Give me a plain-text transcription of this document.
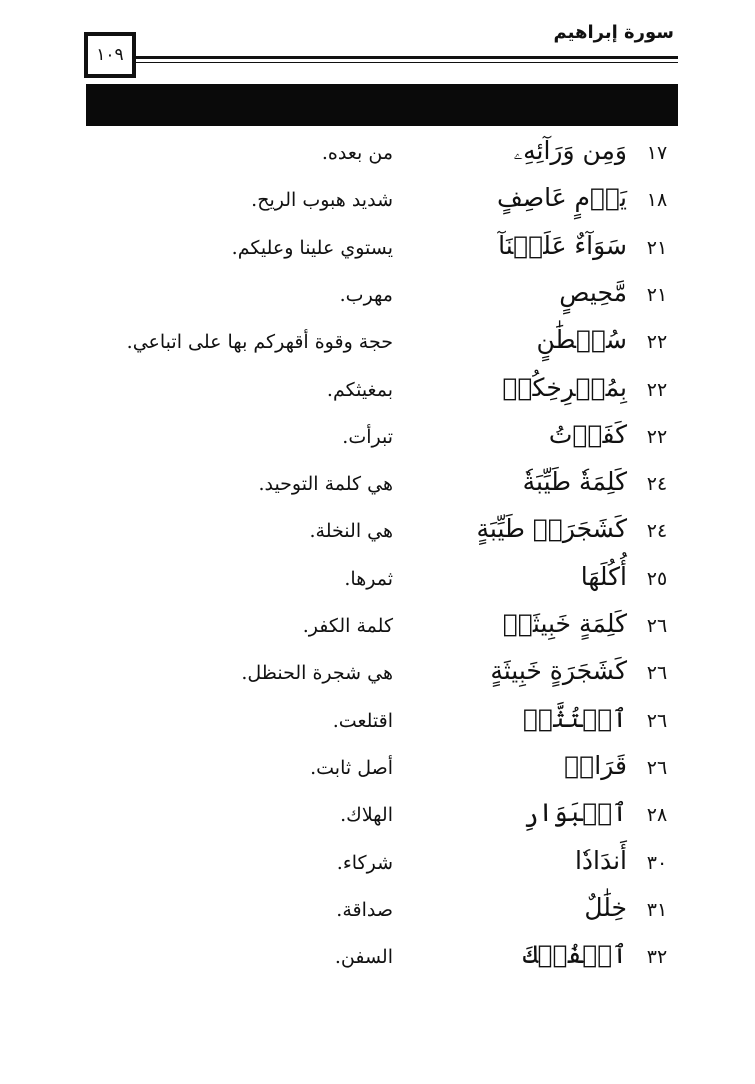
١٠٩
سورة إبراهيم
١٧
وَمِن وَرَآئِهِۦ
من بعده.
١٨
يَوۡمٍ عَاصِفٍ
شديد هبوب الريح.
٢١
سَوَآءٌ عَلَيۡنَآ
يستوي علينا وعليكم.
٢١
مَّحِيصٍ
مهرب.
٢٢
سُلۡطَٰنٍ
حجة وقوة أقهركم بها على اتباعي.
٢٢
بِمُصۡرِخِكُمۡ
بمغيثكم.
٢٢
كَفَرۡتُ
تبرأت.
٢٤
كَلِمَةٗ طَيِّبَةٗ
هي كلمة التوحيد.
٢٤
كَشَجَرَةٖ طَيِّبَةٍ
هي النخلة.
٢٥
أُكُلَهَا
ثمرها.
٢٦
كَلِمَةٍ خَبِيثَةٖ
كلمة الكفر.
٢٦
كَشَجَرَةٍ خَبِيثَةٍ
هي شجرة الحنظل.
٢٦
ٱجۡتُثَّتۡ
اقتلعت.
٢٦
قَرَارٖ
أصل ثابت.
٢٨
ٱلۡبَوَارِ
الهلاك.
٣٠
أَندَادٗا
شركاء.
٣١
خِلَٰلٌ
صداقة.
٣٢
ٱلۡفُلۡكَ
السفن.
